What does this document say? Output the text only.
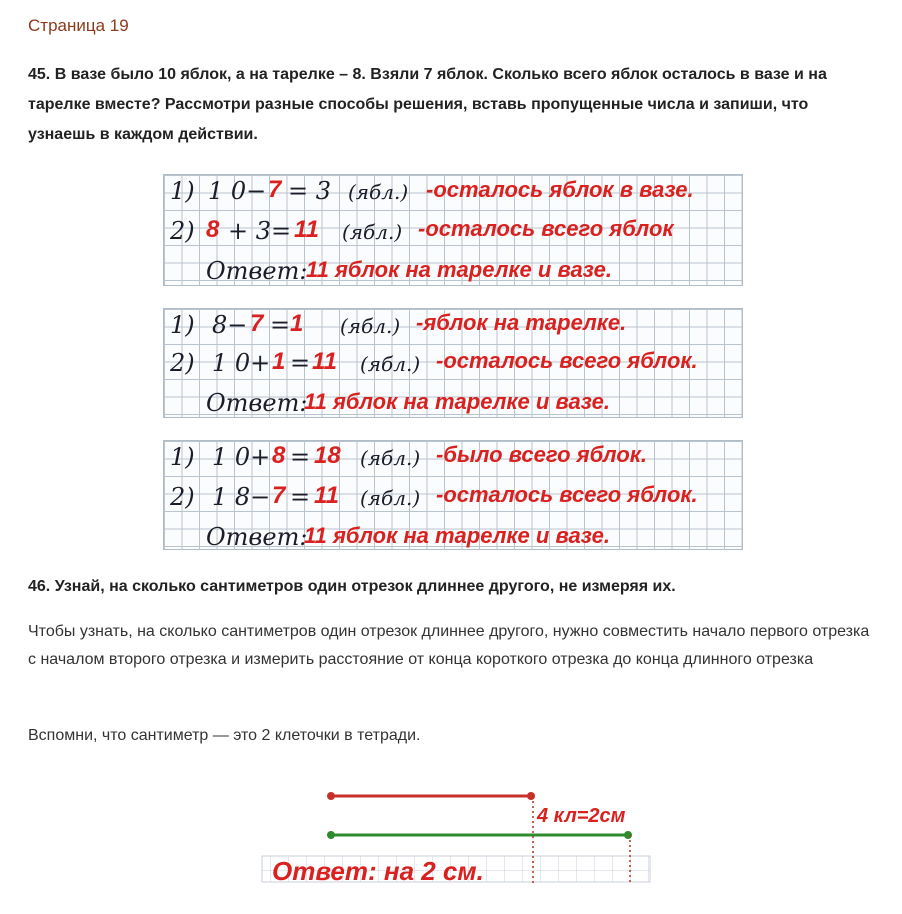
Страница 19
45. В вазе было 10 яблок, а на тарелке – 8. Взяли 7 яблок. Сколько всего яблок осталось в вазе и на тарелке вместе? Рассмотри разные способы решения, вставь пропущенные числа и запиши, что узнаешь в каждом действии.
1) 1 0− 7 = 3 (ябл.) -осталось яблок в вазе.
2) 8 + 3= 11 (ябл.) -осталось всего яблок
Ответ:
11 яблок на тарелке и вазе.
1) 8− 7 = 1 (ябл.) -яблок на тарелке.
2) 1 0+ 1 = 11 (ябл.) -осталось всего яблок.
Ответ:
11 яблок на тарелке и вазе.
1) 1 0+ 8 = 18 (ябл.) -было всего яблок.
2) 1 8− 7 = 11 (ябл.) -осталось всего яблок.
Ответ:
11 яблок на тарелке и вазе.
46. Узнай, на сколько сантиметров один отрезок длиннее другого, не измеряя их.
Чтобы узнать, на сколько сантиметров один отрезок длиннее другого, нужно совместить начало первого отрезка с началом второго отрезка и измерить расстояние от конца короткого отрезка до конца длинного отрезка
Вспомни, что сантиметр — это 2 клеточки в тетради.
4 кл=2см
Ответ: на 2 см.
